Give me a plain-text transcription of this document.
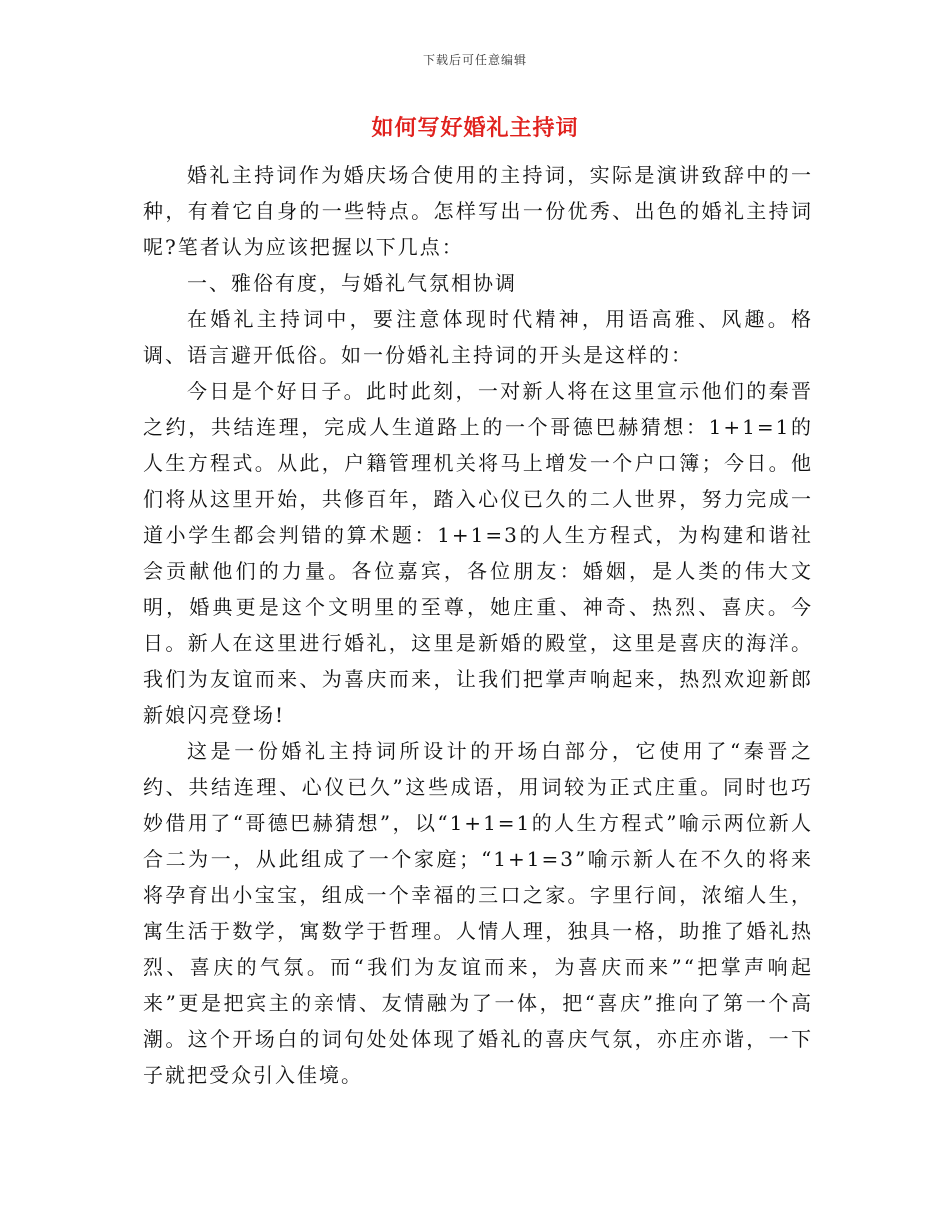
下载后可任意编辑
如何写好婚礼主持词

婚礼主持词作为婚庆场合使用的主持词，实际是演讲致辞中的一种，有着它自身的一些特点。怎样写出一份优秀、出色的婚礼主持词呢?笔者认为应该把握以下几点：

一、雅俗有度，与婚礼气氛相协调

在婚礼主持词中，要注意体现时代精神，用语高雅、风趣。格调、语言避开低俗。如一份婚礼主持词的开头是这样的：

今日是个好日子。此时此刻，一对新人将在这里宣示他们的秦晋之约，共结连理，完成人生道路上的一个哥德巴赫猜想：1+1=1的人生方程式。从此，户籍管理机关将马上增发一个户口簿；今日。他们将从这里开始，共修百年，踏入心仪已久的二人世界，努力完成一道小学生都会判错的算术题：1+1=3的人生方程式，为构建和谐社会贡献他们的力量。各位嘉宾，各位朋友：婚姻，是人类的伟大文明，婚典更是这个文明里的至尊，她庄重、神奇、热烈、喜庆。今日。新人在这里进行婚礼，这里是新婚的殿堂，这里是喜庆的海洋。我们为友谊而来、为喜庆而来，让我们把掌声响起来，热烈欢迎新郎新娘闪亮登场!

这是一份婚礼主持词所设计的开场白部分，它使用了“秦晋之约、共结连理、心仪已久”这些成语，用词较为正式庄重。同时也巧妙借用了“哥德巴赫猜想”，以“1+1=1的人生方程式”喻示两位新人合二为一，从此组成了一个家庭；“1+1=3”喻示新人在不久的将来将孕育出小宝宝，组成一个幸福的三口之家。字里行间，浓缩人生，寓生活于数学，寓数学于哲理。人情人理，独具一格，助推了婚礼热烈、喜庆的气氛。而“我们为友谊而来，为喜庆而来”“把掌声响起来”更是把宾主的亲情、友情融为了一体，把“喜庆”推向了第一个高潮。这个开场白的词句处处体现了婚礼的喜庆气氛，亦庄亦谐，一下子就把受众引入佳境。
